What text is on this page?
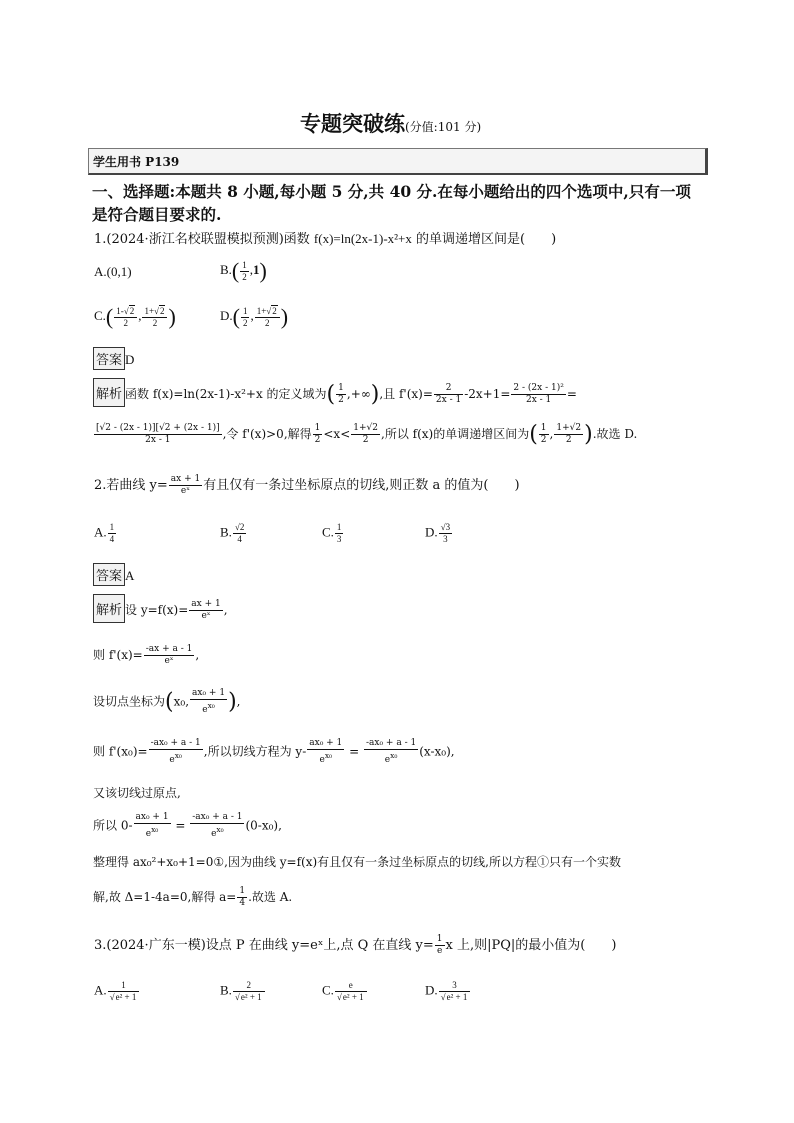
专题突破练(分值:101 分)
学生用书 P139
一、选择题:本题共 8 小题,每小题 5 分,共 40 分.在每小题给出的四个选项中,只有一项
是符合题目要求的.
1.(2024·浙江名校联盟模拟预测)函数 f(x)=ln(2x-1)-x²+x 的单调递增区间是(　　)
A.(0,1)	$B.( \frac{1}{2} ,1)$
$C.( \frac{1-√2}{2}$ , $\frac{1+√2}{2}$ )	$D.( \frac{1}{2}$ , $\frac{1+√2}{2}$ )
答案 D
解析 函数 f(x)=ln(2x-1)-x²+x 的定义域为( $\frac{1}{2}$ ,+∞),且 $f'(x)= \frac{2}{2x - 1} -2x+1= \frac{\text{2 - (2x - 1)²}}{2x - 1}$ =
$\frac{[√2 - (2x - 1)][√2 + (2x - 1)]}{2x - 1}$ ,令 f'(x)>0,解得 $\frac{1}{2} <x< \frac{1+√2}{2}$ ,所以 f(x)的单调递增区间为( $\frac{1}{2}$ , $\frac{1+√2}{2}$ ).故选 D.
2.若曲线 $y= \frac{ax + 1}{\text{eˣ}}$ 有且仅有一条过坐标原点的切线,则正数 a 的值为(　　)
A. $\frac{1}{4}$	B. $\frac{√2}{4}$	C. $\frac{1}{3}$	D. $\frac{√3}{3}$
答案 A
解析 设 $y=f(x)= \frac{ax + 1}{\text{eˣ}}$ ,
则 $f'(x)= \frac{-ax + a - 1}{\text{eˣ}}$ ,
设切点坐标为(x₀, $\frac{\text{ax₀ + 1}}{e^{x_0}}$ ),
则 $f'(x_0)= \frac{\text{-ax₀ + a - 1}}{e^{x_0}}$ ,所以切线方程为 $y- \frac{\text{ax₀ + 1}}{e^{x_0}} = \frac{\text{-ax₀ + a - 1}}{e^{x_0}} (x-x_0)$,
又该切线过原点,
所以 $0- \frac{\text{ax₀ + 1}}{e^{x_0}} = \frac{\text{-ax₀ + a - 1}}{e^{x_0}} (0-x_0)$,
整理得 ax₀²+x₀+1=0①,因为曲线 y=f(x)有且仅有一条过坐标原点的切线,所以方程①只有一个实数
解,故 Δ=1-4a=0,解得 $a= \frac{1}{4}$ .故选 A.
3.(2024·广东一模)设点 P 在曲线 y=eˣ上,点 Q 在直线 $y= \frac{1}{e}$ x 上,则|PQ|的最小值为(　　)
A. $\frac{1}{\text{√e² + 1}}$	B. $\frac{2}{\text{√e² + 1}}$	C. $\frac{e}{\text{√e² + 1}}$	D. $\frac{3}{\text{√e² + 1}}$
